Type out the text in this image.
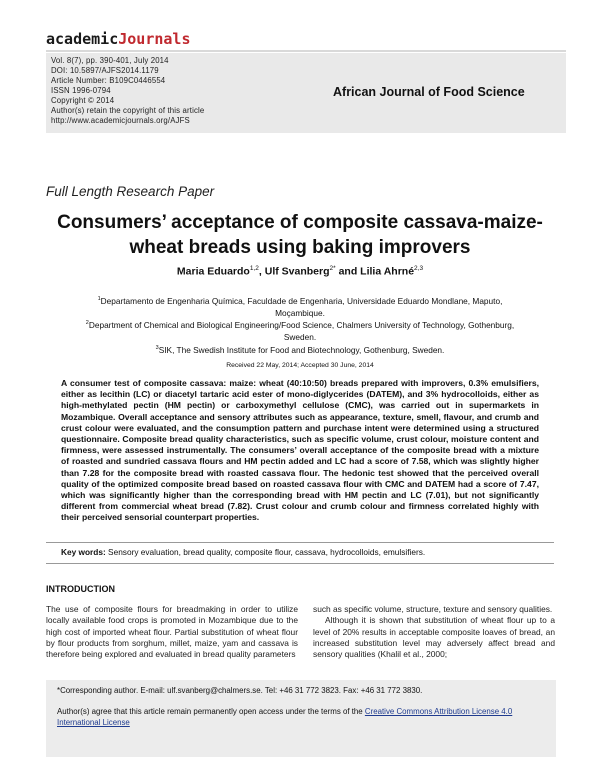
academicJournals
Vol. 8(7), pp. 390-401, July 2014
DOI: 10.5897/AJFS2014.1179
Article Number: B109C0446554
ISSN 1996-0794
Copyright © 2014
Author(s) retain the copyright of this article
http://www.academicjournals.org/AJFS
African Journal of Food Science
Full Length Research Paper
Consumers’ acceptance of composite cassava-maize-
wheat breads using baking improvers
Maria Eduardo$^{1,2}$, Ulf Svanberg$^{2*}$ and Lilia Ahrné$^{2,3}$
$^1$Departamento de Engenharia Química, Faculdade de Engenharia, Universidade Eduardo Mondlane, Maputo,
Moçambique.
$^2$Department of Chemical and Biological Engineering/Food Science, Chalmers University of Technology, Gothenburg,
Sweden.
$^3$SIK, The Swedish Institute for Food and Biotechnology, Gothenburg, Sweden.
Received 22 May, 2014; Accepted 30 June, 2014
A consumer test of composite cassava: maize: wheat (40:10:50) breads prepared with improvers, 0.3% emulsifiers, either as lecithin (LC) or diacetyl tartaric acid ester of mono-diglycerides (DATEM), and 3% hydrocolloids, either as high-methylated pectin (HM pectin) or carboxymethyl cellulose (CMC), was carried out in supermarkets in Mozambique. Overall acceptance and sensory attributes such as appearance, texture, smell, flavour, and crumb and crust colour were evaluated, and the consumption pattern and purchase intent were determined using a structured questionnaire. Composite bread quality characteristics, such as specific volume, crust colour, moisture content and firmness, were assessed instrumentally. The consumers’ overall acceptance of the composite bread with a mixture of roasted and sundried cassava flours and HM pectin added and LC had a score of 7.58, which was slightly higher than 7.28 for the composite bread with roasted cassava flour. The hedonic test showed that the perceived overall quality of the optimized composite bread based on roasted cassava flour with CMC and DATEM had a score of 7.47, which was significantly higher than the corresponding bread with HM pectin and LC (7.01), but not significantly different from commercial wheat bread (7.82). Crust colour and crumb colour and firmness correlated highly with their perceived sensorial counterpart properties.
Key words: Sensory evaluation, bread quality, composite flour, cassava, hydrocolloids, emulsifiers.
INTRODUCTION
The use of composite flours for breadmaking in order to utilize locally available food crops is promoted in Mozambique due to the high cost of imported wheat flour. Partial substitution of wheat flour by flour products from sorghum, millet, maize, yam and cassava is therefore being explored and evaluated in bread quality parameters
such as specific volume, structure, texture and sensory qualities.
Although it is shown that substitution of wheat flour up to a level of 20% results in acceptable composite loaves of bread, an increased substitution level may adversely affect bread and sensory qualities (Khalil et al., 2000;
*Corresponding author. E-mail: ulf.svanberg@chalmers.se. Tel: +46 31 772 3823. Fax: +46 31 772 3830.
Author(s) agree that this article remain permanently open access under the terms of the Creative Commons Attribution License 4.0 International License
